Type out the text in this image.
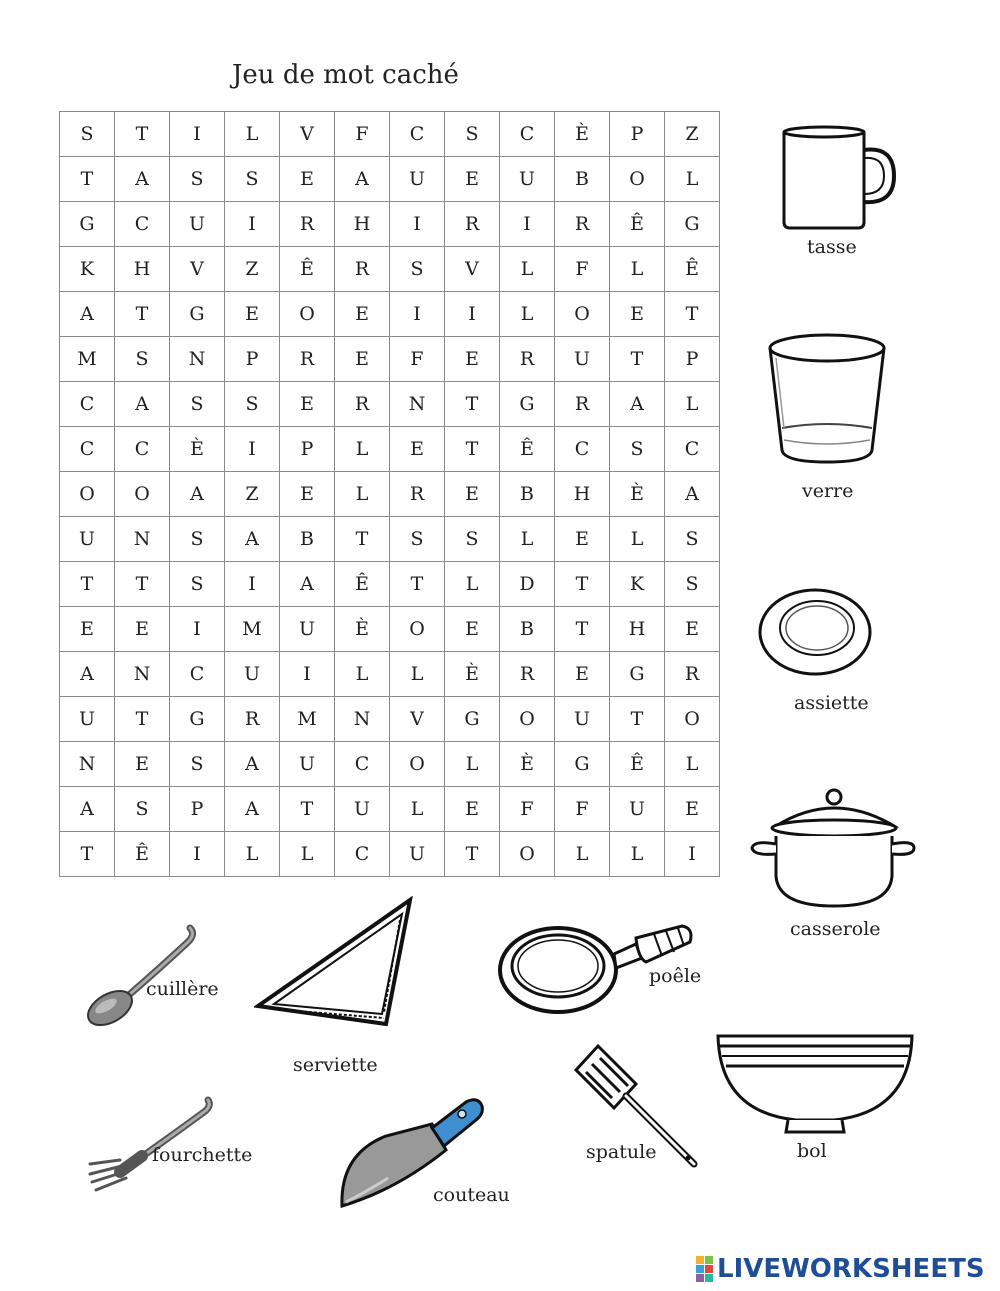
Jeu de mot caché
S	T	I	L	V	F	C	S	C	È	P	Z
T	A	S	S	E	A	U	E	U	B	O	L
G	C	U	I	R	H	I	R	I	R	Ê	G
K	H	V	Z	Ê	R	S	V	L	F	L	Ê
A	T	G	E	O	E	I	I	L	O	E	T
M	S	N	P	R	E	F	E	R	U	T	P
C	A	S	S	E	R	N	T	G	R	A	L
C	C	È	I	P	L	E	T	Ê	C	S	C
O	O	A	Z	E	L	R	E	B	H	È	A
U	N	S	A	B	T	S	S	L	E	L	S
T	T	S	I	A	Ê	T	L	D	T	K	S
E	E	I	M	U	È	O	E	B	T	H	E
A	N	C	U	I	L	L	È	R	E	G	R
U	T	G	R	M	N	V	G	O	U	T	O
N	E	S	A	U	C	O	L	È	G	Ê	L
A	S	P	A	T	U	L	E	F	F	U	E
T	Ê	I	L	L	C	U	T	O	L	L	I
tasse
verre
assiette
casserole
cuillère
serviette
poêle
bol
fourchette
couteau
spatule
LIVEWORKSHEETS
